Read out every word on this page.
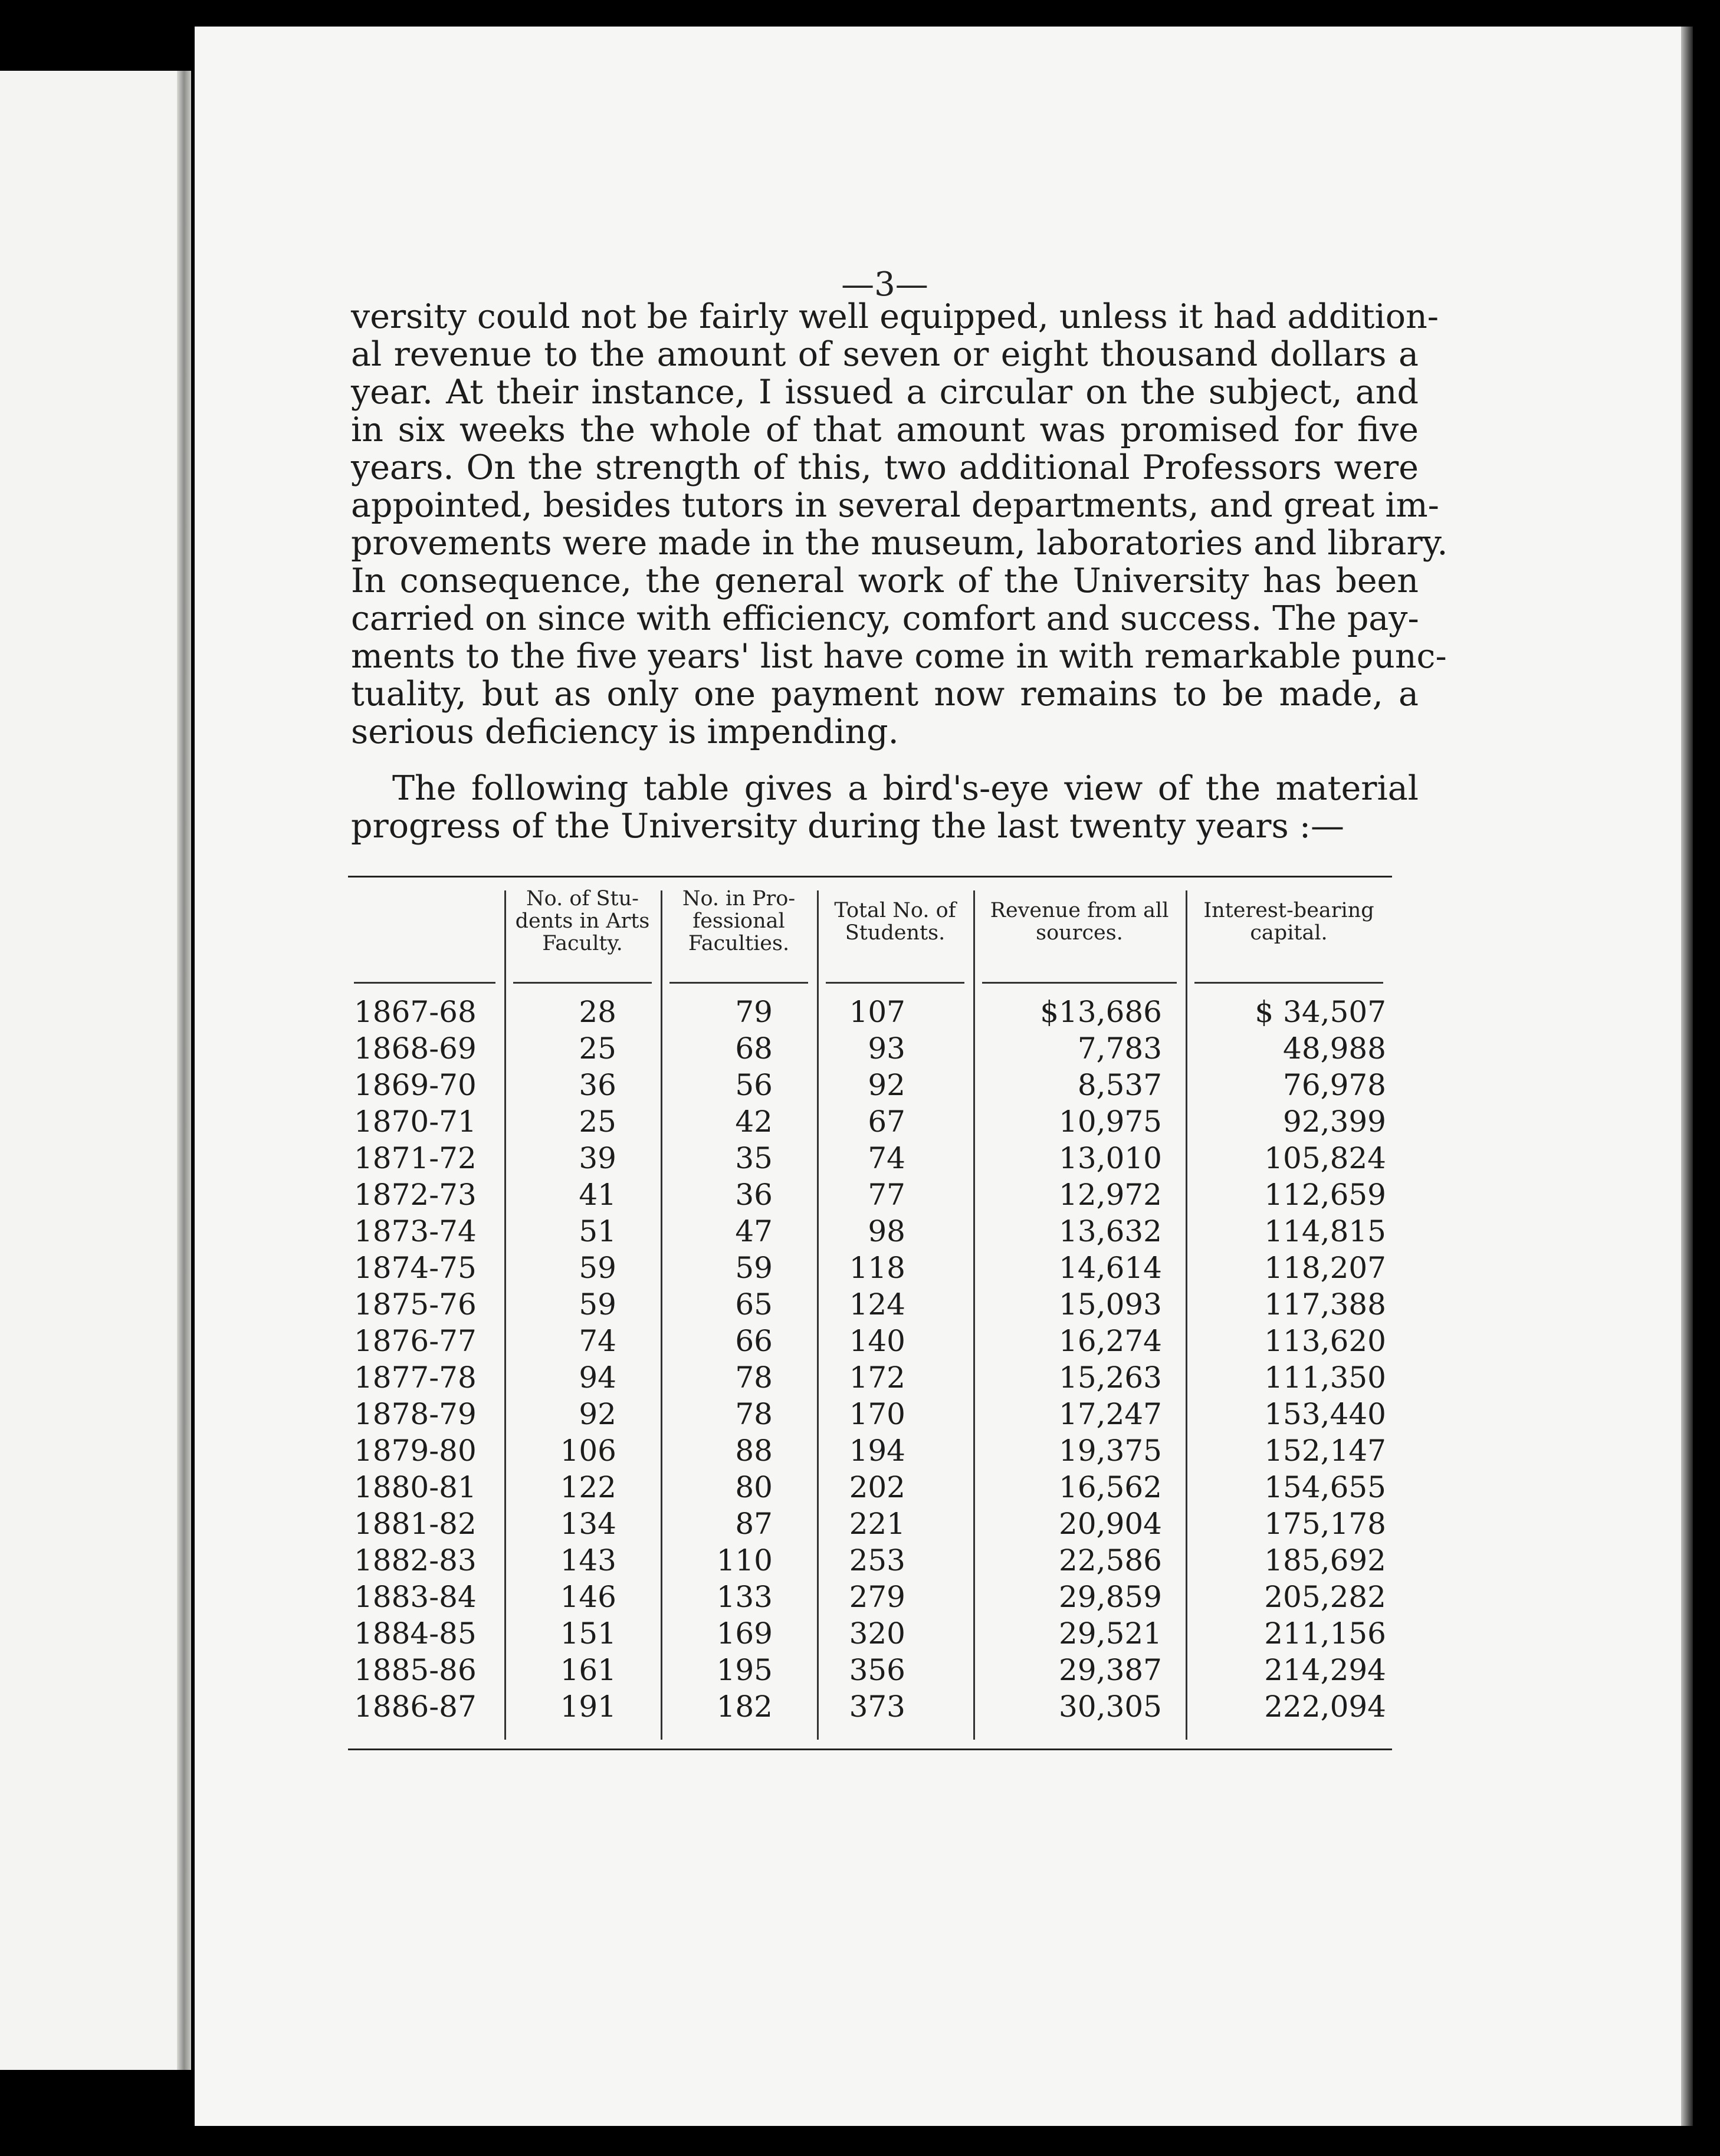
—3—
versity could not be fairly well equipped, unless it had addition-
al revenue to the amount of seven or eight thousand dollars a
year. At their instance, I issued a circular on the subject, and
in six weeks the whole of that amount was promised for five
years. On the strength of this, two additional Professors were
appointed, besides tutors in several departments, and great im-
provements were made in the museum, laboratories and library.
In consequence, the general work of the University has been
carried on since with efficiency, comfort and success. The pay-
ments to the five years' list have come in with remarkable punc-
tuality, but as only one payment now remains to be made, a
serious deficiency is impending.
The following table gives a bird's-eye view of the material
progress of the University during the last twenty years :—
No. of Stu-
dents in Arts
Faculty.
No. in Pro-
fessional
Faculties.
Total No. of
Students.
Revenue from all
sources.
Interest-bearing
capital.
1867-68
1868-69
1869-70
1870-71
1871-72
1872-73
1873-74
1874-75
1875-76
1876-77
1877-78
1878-79
1879-80
1880-81
1881-82
1882-83
1883-84
1884-85
1885-86
1886-87
28
25
36
25
39
41
51
59
59
74
94
92
106
122
134
143
146
151
161
191
79
68
56
42
35
36
47
59
65
66
78
78
88
80
87
110
133
169
195
182
107
93
92
67
74
77
98
118
124
140
172
170
194
202
221
253
279
320
356
373
$13,686
7,783
8,537
10,975
13,010
12,972
13,632
14,614
15,093
16,274
15,263
17,247
19,375
16,562
20,904
22,586
29,859
29,521
29,387
30,305
$ 34,507
48,988
76,978
92,399
105,824
112,659
114,815
118,207
117,388
113,620
111,350
153,440
152,147
154,655
175,178
185,692
205,282
211,156
214,294
222,094
